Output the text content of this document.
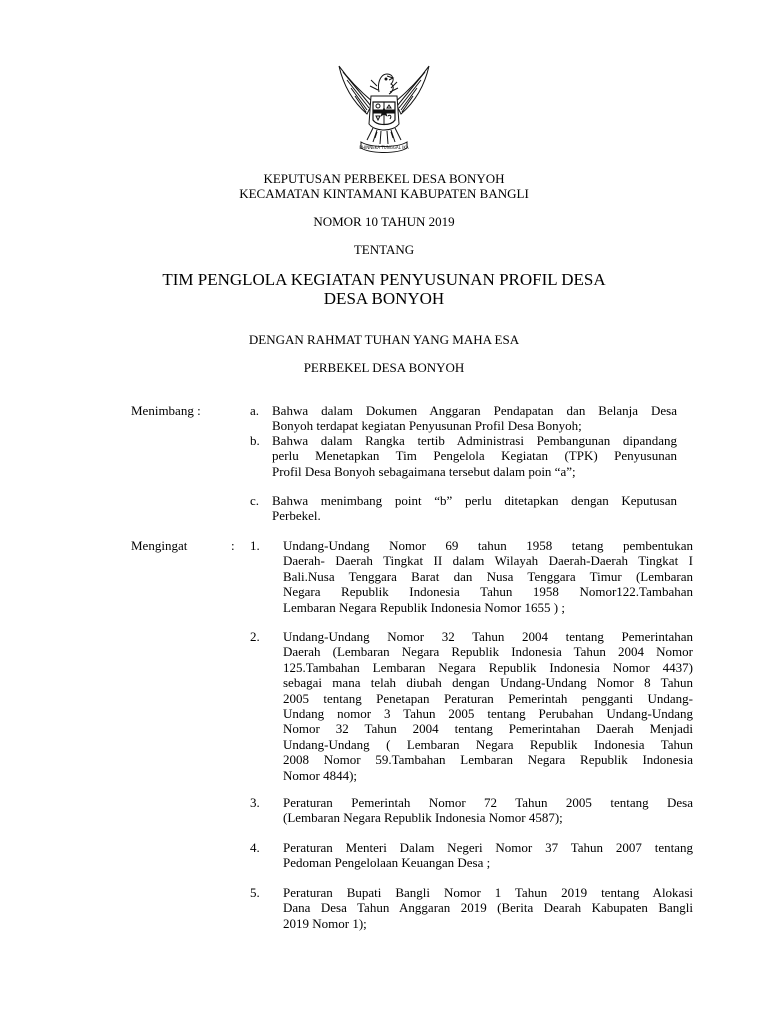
BHINNEKA TUNGGAL IKA
KEPUTUSAN PERBEKEL DESA BONYOH
KECAMATAN KINTAMANI KABUPATEN BANGLI
NOMOR 10 TAHUN 2019
TENTANG
TIM PENGLOLA KEGIATAN PENYUSUNAN PROFIL DESA
DESA BONYOH
DENGAN RAHMAT TUHAN YANG MAHA ESA
PERBEKEL DESA BONYOH
Menimbang :	a. Bahwa dalam Dokumen Anggaran Pendapatan dan Belanja Desa
Bonyoh terdapat kegiatan Penyusunan Profil Desa Bonyoh;
b. Bahwa dalam Rangka tertib Administrasi Pembangunan dipandang
perlu Menetapkan Tim Pengelola Kegiatan (TPK) Penyusunan
Profil Desa Bonyoh sebagaimana tersebut dalam poin “a”;
c. Bahwa menimbang point “b” perlu ditetapkan dengan Keputusan
Perbekel.
Mengingat	: 1. Undang-Undang Nomor 69 tahun 1958 tetang pembentukan
Daerah- Daerah Tingkat II dalam Wilayah Daerah-Daerah Tingkat I
Bali.Nusa Tenggara Barat dan Nusa Tenggara Timur (Lembaran
Negara Republik Indonesia Tahun 1958 Nomor122.Tambahan
Lembaran Negara Republik Indonesia Nomor 1655 ) ;
2. Undang-Undang Nomor 32 Tahun 2004 tentang Pemerintahan
Daerah (Lembaran Negara Republik Indonesia Tahun 2004 Nomor
125.Tambahan Lembaran Negara Republik Indonesia Nomor 4437)
sebagai mana telah diubah dengan Undang-Undang Nomor 8 Tahun
2005 tentang Penetapan Peraturan Pemerintah pengganti Undang-
Undang nomor 3 Tahun 2005 tentang Perubahan Undang-Undang
Nomor 32 Tahun 2004 tentang Pemerintahan Daerah Menjadi
Undang-Undang ( Lembaran Negara Republik Indonesia Tahun
2008 Nomor 59.Tambahan Lembaran Negara Republik Indonesia
Nomor 4844);
3. Peraturan Pemerintah Nomor 72 Tahun 2005 tentang Desa
(Lembaran Negara Republik Indonesia Nomor 4587);
4. Peraturan Menteri Dalam Negeri Nomor 37 Tahun 2007 tentang
Pedoman Pengelolaan Keuangan Desa ;
5. Peraturan Bupati Bangli Nomor 1 Tahun 2019 tentang Alokasi
Dana Desa Tahun Anggaran 2019 (Berita Dearah Kabupaten Bangli
2019 Nomor 1);
